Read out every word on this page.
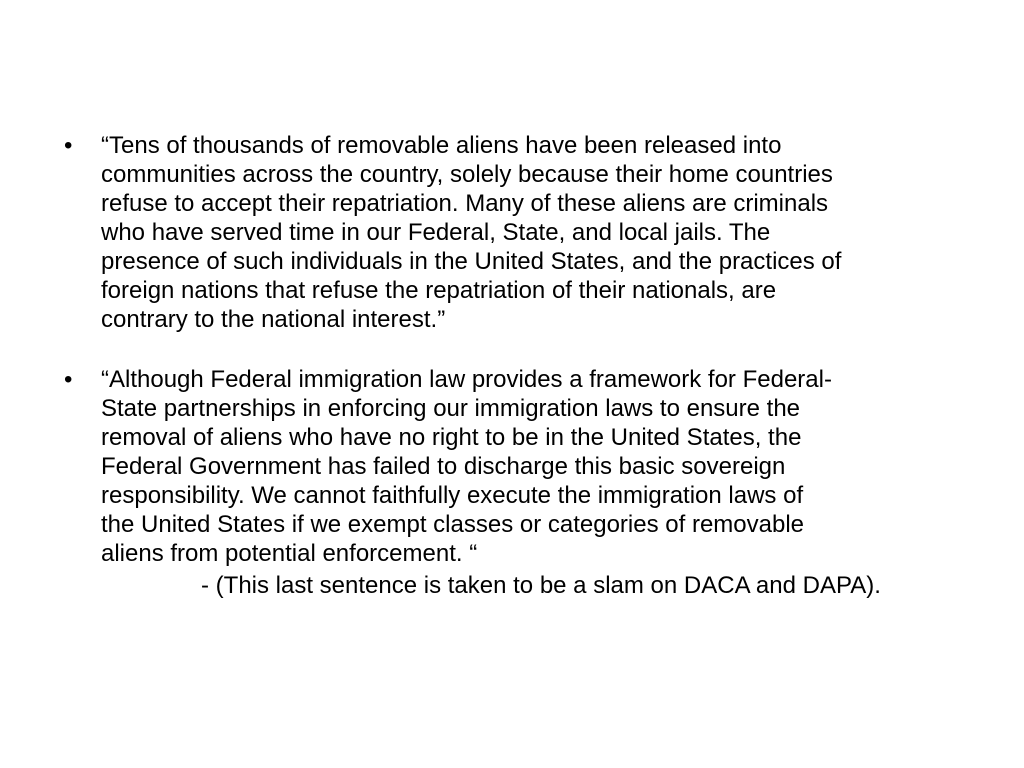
• “Tens of thousands of removable aliens have been released into
communities across the country, solely because their home countries
refuse to accept their repatriation. Many of these aliens are criminals
who have served time in our Federal, State, and local jails. The
presence of such individuals in the United States, and the practices of
foreign nations that refuse the repatriation of their nationals, are
contrary to the national interest.”
• “Although Federal immigration law provides a framework for Federal-
State partnerships in enforcing our immigration laws to ensure the
removal of aliens who have no right to be in the United States, the
Federal Government has failed to discharge this basic sovereign
responsibility. We cannot faithfully execute the immigration laws of
the United States if we exempt classes or categories of removable
aliens from potential enforcement. “
- (This last sentence is taken to be a slam on DACA and DAPA).
